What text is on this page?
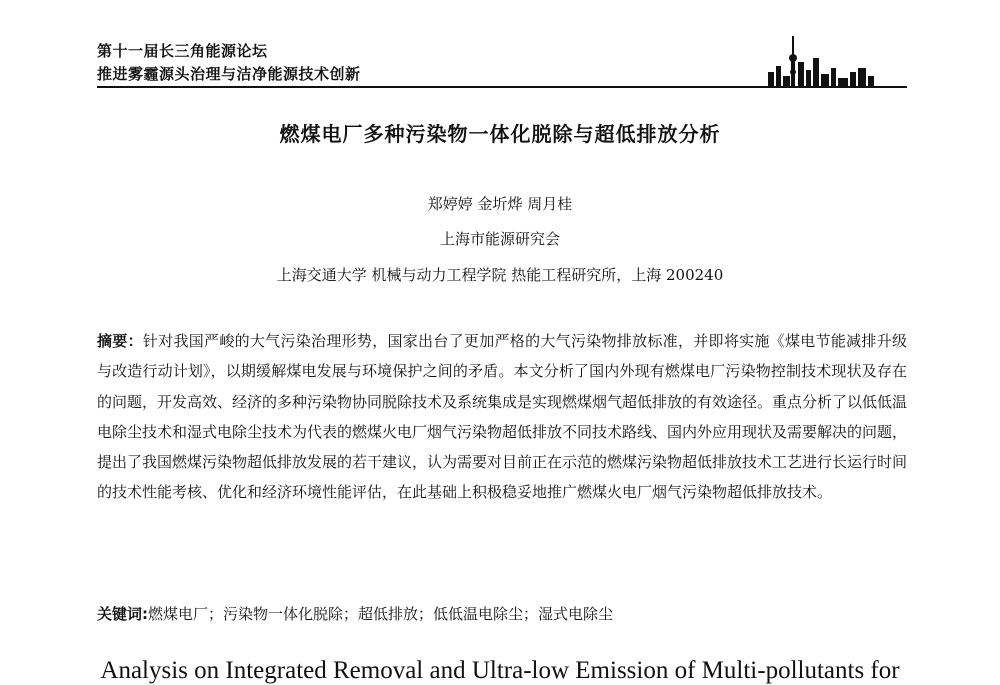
第十一届长三角能源论坛
推进雾霾源头治理与洁净能源技术创新
燃煤电厂多种污染物一体化脱除与超低排放分析
郑婷婷 金圻烨 周月桂
上海市能源研究会
上海交通大学 机械与动力工程学院 热能工程研究所，上海 200240
摘要：针对我国严峻的大气污染治理形势，国家出台了更加严格的大气污染物排放标准，并即将实施《煤电节能减排升级与改造行动计划》，以期缓解煤电发展与环境保护之间的矛盾。本文分析了国内外现有燃煤电厂污染物控制技术现状及存在的问题，开发高效、经济的多种污染物协同脱除技术及系统集成是实现燃煤烟气超低排放的有效途径。重点分析了以低低温电除尘技术和湿式电除尘技术为代表的燃煤火电厂烟气污染物超低排放不同技术路线、国内外应用现状及需要解决的问题，提出了我国燃煤污染物超低排放发展的若干建议，认为需要对目前正在示范的燃煤污染物超低排放技术工艺进行长运行时间的技术性能考核、优化和经济环境性能评估，在此基础上积极稳妥地推广燃煤火电厂烟气污染物超低排放技术。
关键词:燃煤电厂；污染物一体化脱除；超低排放；低低温电除尘；湿式电除尘
Analysis on Integrated Removal and Ultra-low Emission of Multi-pollutants for
